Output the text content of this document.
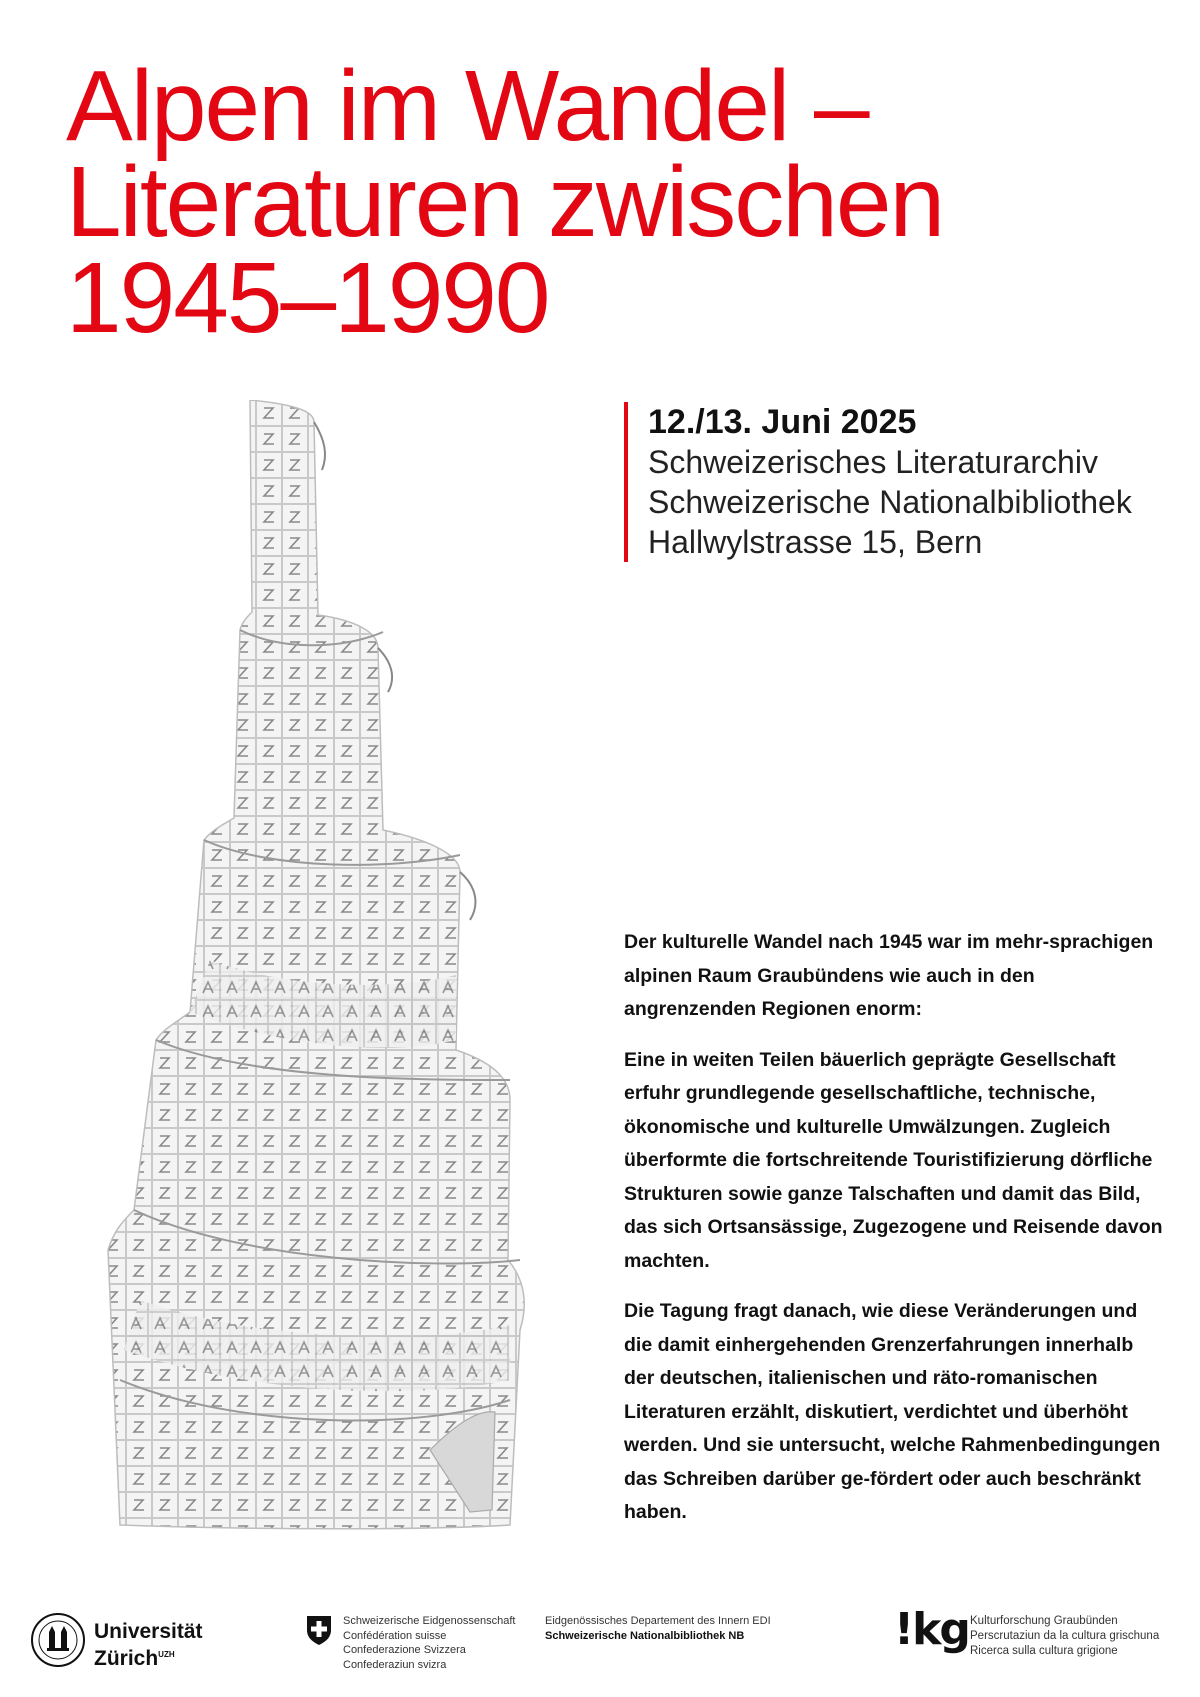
Alpen im Wandel –
Literaturen zwischen
1945–1990
12./13. Juni 2025
Schweizerisches Literaturarchiv
Schweizerische Nationalbibliothek
Hallwylstrasse 15, Bern

Der kulturelle Wandel nach 1945 war im mehr-sprachigen alpinen Raum Graubündens wie auch in den angrenzenden Regionen enorm:

Eine in weiten Teilen bäuerlich geprägte Gesellschaft erfuhr grundlegende gesellschaftliche, technische, ökonomische und kulturelle Umwälzungen. Zugleich überformte die fortschreitende Touristifizierung dörfliche Strukturen sowie ganze Talschaften und damit das Bild, das sich Ortsansässige, Zugezogene und Reisende davon machten.

Die Tagung fragt danach, wie diese Veränderungen und die damit einhergehenden Grenzerfahrungen innerhalb der deutschen, italienischen und räto-romanischen Literaturen erzählt, diskutiert, verdichtet und überhöht werden. Und sie untersucht, welche Rahmenbedingungen das Schreiben darüber ge-fördert oder auch beschränkt haben.

Universität
Zürich$^{UZH}$
Schweizerische Eidgenossenschaft
Confédération suisse
Confederazione Svizzera
Confederaziun svizra
Eidgenössisches Departement des Innern EDI
Schweizerische Nationalbibliothek NB	!kg Kulturforschung Graubünden
Perscrutaziun da la cultura grischuna
Ricerca sulla cultura grigione
